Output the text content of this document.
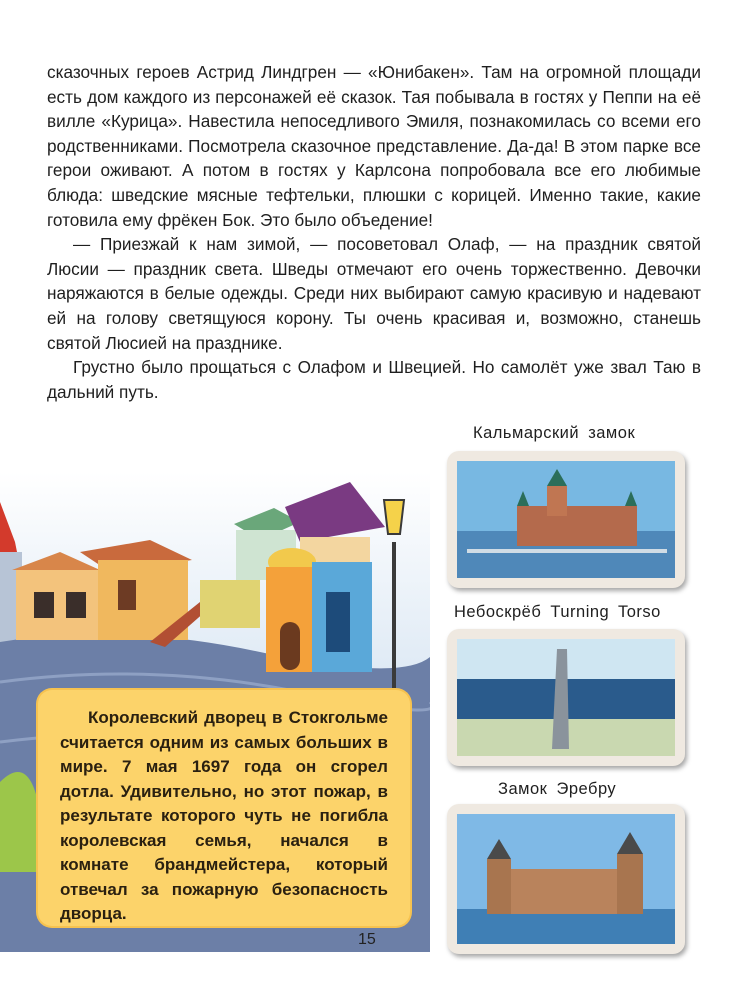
сказочных героев Астрид Линдгрен — «Юнибакен». Там на огромной площади есть дом каждого из персонажей её сказок. Тая побывала в гостях у Пеппи на её вилле «Курица». Навестила непоседливого Эмиля, познакомилась со всеми его родственниками. Посмотрела сказочное представление. Да-да! В этом парке все герои оживают. А потом в гостях у Карлсона попробовала все его любимые блюда: шведские мясные тефтельки, плюшки с корицей. Именно такие, какие готовила ему фрёкен Бок. Это было объедение!

— Приезжай к нам зимой, — посоветовал Олаф, — на праздник святой Люсии — праздник света. Шведы отмечают его очень торжественно. Девочки наряжаются в белые одежды. Среди них выбирают самую красивую и надевают ей на голову светящуюся корону. Ты очень красивая и, возможно, станешь святой Люсией на празднике.

Грустно было прощаться с Олафом и Швецией. Но самолёт уже звал Таю в дальний путь.

Королевский дворец в Стокгольме считается одним из самых больших в мире. 7 мая 1697 года он сгорел дотла. Удивительно, но этот пожар, в результате которого чуть не погибла королевская семья, начался в комнате брандмейстера, который отвечал за пожарную безопасность дворца.

Кальмарский замок
Небоскрёб Turning Torso
Замок Эребру
15
